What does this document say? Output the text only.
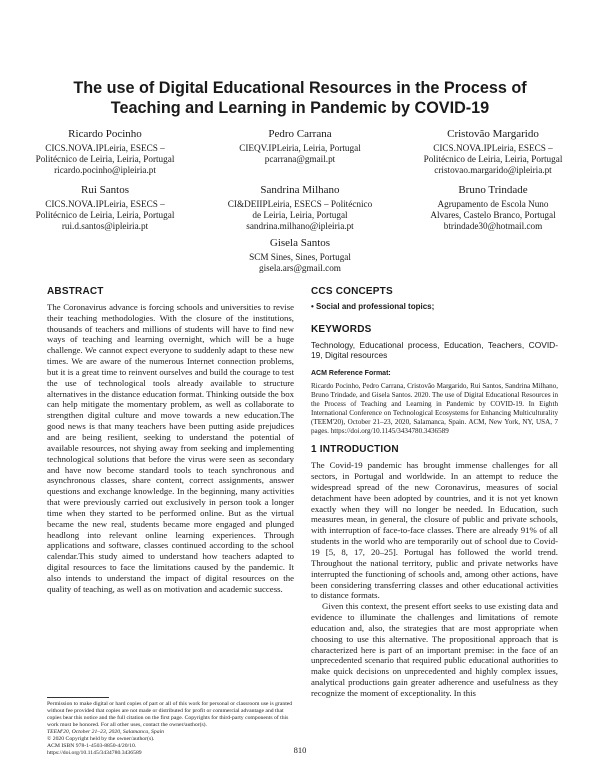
The use of Digital Educational Resources in the Process of Teaching and Learning in Pandemic by COVID-19
Ricardo Pocinho
CICS.NOVA.IPLeiria, ESECS –
Politécnico de Leiria, Leiria, Portugal
ricardo.pocinho@ipleiria.pt
Pedro Carrana
CIEQV.IPLeiria, Leiria, Portugal
pcarrana@gmail.pt
Cristovão Margarido
CICS.NOVA.IPLeiria, ESECS –
Politécnico de Leiria, Leiria, Portugal
cristovao.margarido@ipleiria.pt
Rui Santos
CICS.NOVA.IPLeiria, ESECS –
Politécnico de Leiria, Leiria, Portugal
rui.d.santos@ipleiria.pt
Sandrina Milhano
CI&DEIIPLeiria, ESECS – Politécnico
de Leiria, Leiria, Portugal
sandrina.milhano@ipleiria.pt
Bruno Trindade
Agrupamento de Escola Nuno
Alvares, Castelo Branco, Portugal
btrindade30@hotmail.com
Gisela Santos
SCM Sines, Sines, Portugal
gisela.ars@gmail.com
ABSTRACT

The Coronavirus advance is forcing schools and universities to revise their teaching methodologies. With the closure of the institutions, thousands of teachers and millions of students will have to find new ways of teaching and learning overnight, which will be a huge challenge. We cannot expect everyone to suddenly adapt to these new times. We are aware of the numerous Internet connection problems, but it is a great time to reinvent ourselves and build the courage to test the use of technological tools already available to structure alternatives in the distance education format. Thinking outside the box can help mitigate the momentary problem, as well as collaborate to strengthen digital culture and move towards a new education.The good news is that many teachers have been putting aside prejudices and are being resilient, seeking to understand the potential of available resources, not shying away from seeking and implementing technological solutions that before the virus were seen as secondary and have now become standard tools to teach synchronous and asynchronous classes, share content, correct assignments, answer questions and exchange knowledge. In the beginning, many activities that were previously carried out exclusively in person took a longer time when they started to be performed online. But as the virtual became the new real, students became more engaged and plunged headlong into relevant online learning experiences. Through applications and software, classes continued according to the school calendar.This study aimed to understand how teachers adapted to digital resources to face the limitations caused by the pandemic. It also intends to understand the impact of digital resources on the quality of teaching, as well as on motivation and academic success.

Permission to make digital or hard copies of part or all of this work for personal or classroom use is granted without fee provided that copies are not made or distributed for profit or commercial advantage and that copies bear this notice and the full citation on the first page. Copyrights for third-party components of this work must be honored. For all other uses, contact the owner/author(s).
TEEM'20, October 21–23, 2020, Salamanca, Spain
© 2020 Copyright held by the owner/author(s).
ACM ISBN 978-1-4503-8850-4/20/10.
https://doi.org/10.1145/3434780.3436589
CCS CONCEPTS
• Social and professional topics;
KEYWORDS
Technology, Educational process, Education, Teachers, COVID-19, Digital resources
ACM Reference Format:
Ricardo Pocinho, Pedro Carrana, Cristovão Margarido, Rui Santos, Sandrina Milhano, Bruno Trindade, and Gisela Santos. 2020. The use of Digital Educational Resources in the Process of Teaching and Learning in Pandemic by COVID-19. In Eighth International Conference on Technological Ecosystems for Enhancing Multiculturality (TEEM'20), October 21–23, 2020, Salamanca, Spain. ACM, New York, NY, USA, 7 pages. https://doi.org/10.1145/3434780.3436589
1 INTRODUCTION

The Covid-19 pandemic has brought immense challenges for all sectors, in Portugal and worldwide. In an attempt to reduce the widespread spread of the new Coronavirus, measures of social detachment have been adopted by countries, and it is not yet known exactly when they will no longer be needed. In Education, such measures mean, in general, the closure of public and private schools, with interruption of face-to-face classes. There are already 91% of all students in the world who are temporarily out of school due to Covid-19 [5, 8, 17, 20–25]. Portugal has followed the world trend. Throughout the national territory, public and private networks have interrupted the functioning of schools and, among other actions, have been considering transferring classes and other educational activities to distance formats.

Given this context, the present effort seeks to use existing data and evidence to illuminate the challenges and limitations of remote education and, also, the strategies that are most appropriate when choosing to use this alternative. The propositional approach that is characterized here is part of an important premise: in the face of an unprecedented scenario that required public educational authorities to make quick decisions on unprecedented and highly complex issues, analytical productions gain greater adherence and usefulness as they recognize the moment of exceptionality. In this

810
